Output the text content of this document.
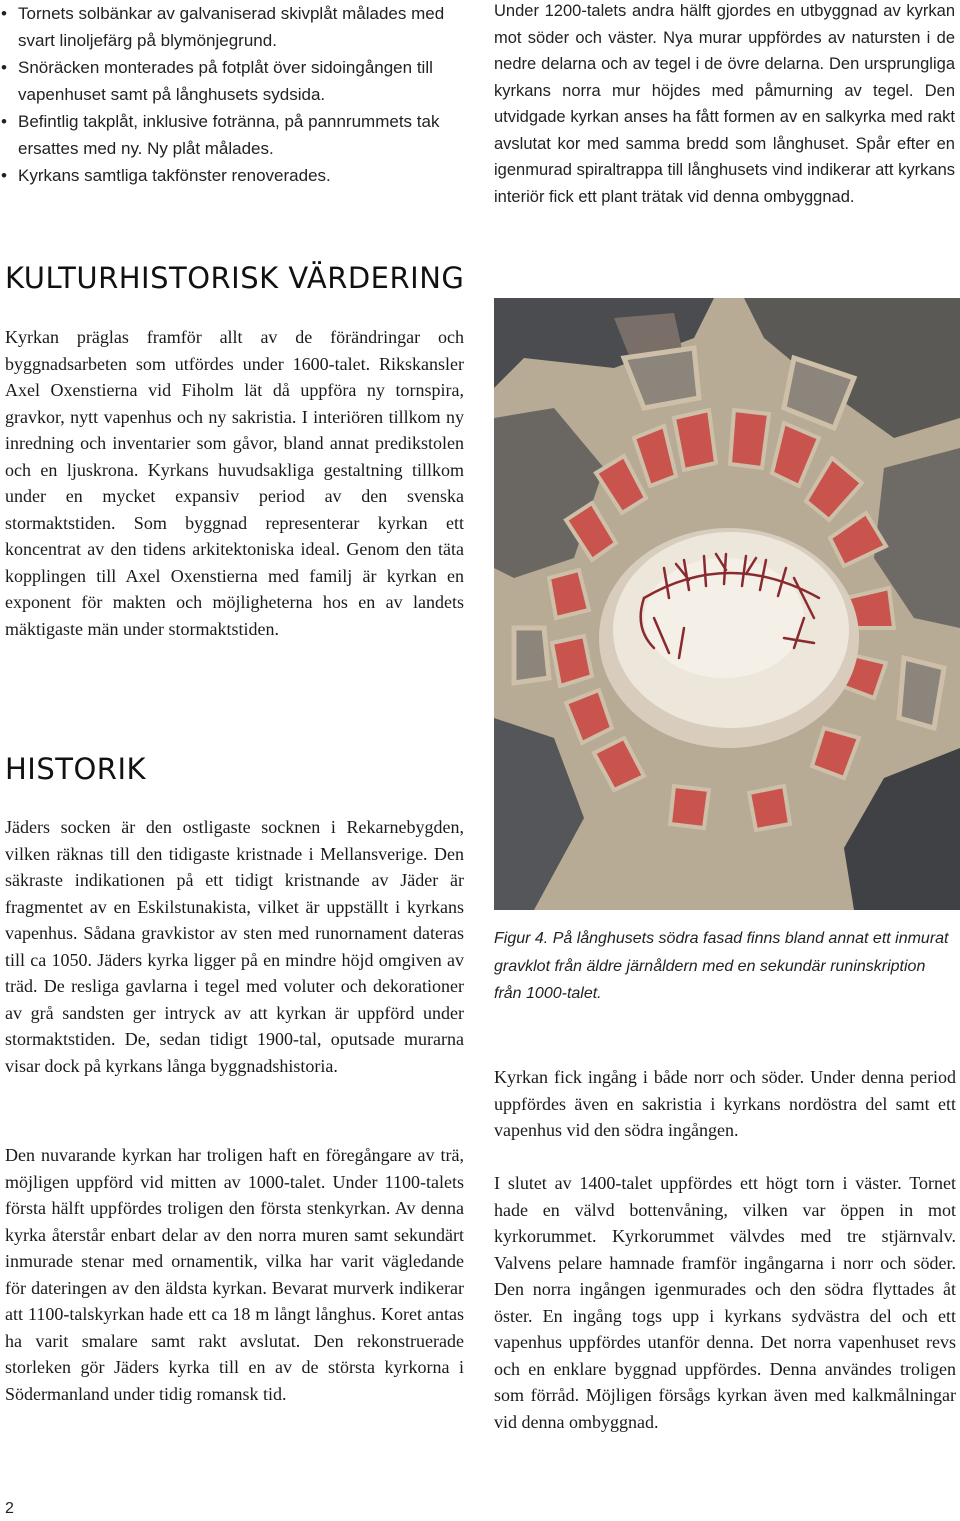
• Tornets solbänkar av galvaniserad skivplåt målades med svart linoljefärg på blymönjegrund.
• Snöräcken monterades på fotplåt över sidoingången till vapenhuset samt på långhusets sydsida.
• Befintlig takplåt, inklusive fotränna, på pannrummets tak ersattes med ny. Ny plåt målades.
• Kyrkans samtliga takfönster renoverades.
KULTURHISTORISK VÄRDERING

Kyrkan präglas framför allt av de förändringar och byggnadsarbeten som utfördes under 1600-talet. Rikskansler Axel Oxenstierna vid Fiholm lät då uppföra ny tornspira, gravkor, nytt vapenhus och ny sakristia. I interiören tillkom ny inredning och inventarier som gåvor, bland annat predikstolen och en ljuskrona. Kyrkans huvudsakliga gestaltning tillkom under en mycket expansiv period av den svenska stormaktstiden. Som byggnad representerar kyrkan ett koncentrat av den tidens arkitektoniska ideal. Genom den täta kopplingen till Axel Oxenstierna med familj är kyrkan en exponent för makten och möjligheterna hos en av landets mäktigaste män under stormaktstiden.

HISTORIK

Jäders socken är den ostligaste socknen i Rekarnebygden, vilken räknas till den tidigaste kristnade i Mellansverige. Den säkraste indikationen på ett tidigt kristnande av Jäder är fragmentet av en Eskilstunakista, vilket är uppställt i kyrkans vapenhus. Sådana gravkistor av sten med runornament dateras till ca 1050. Jäders kyrka ligger på en mindre höjd omgiven av träd. De resliga gavlarna i tegel med voluter och dekorationer av grå sandsten ger intryck av att kyrkan är uppförd under stormaktstiden. De, sedan tidigt 1900-tal, oputsade murarna visar dock på kyrkans långa byggnadshistoria.

Den nuvarande kyrkan har troligen haft en föregångare av trä, möjligen uppförd vid mitten av 1000-talet. Under 1100-talets första hälft uppfördes troligen den första stenkyrkan. Av denna kyrka återstår enbart delar av den norra muren samt sekundärt inmurade stenar med ornamentik, vilka har varit vägledande för dateringen av den äldsta kyrkan. Bevarat murverk indikerar att 1100-talskyrkan hade ett ca 18 m långt långhus. Koret antas ha varit smalare samt rakt avslutat. Den rekonstruerade storleken gör Jäders kyrka till en av de största kyrkorna i Södermanland under tidig romansk tid.

Under 1200-talets andra hälft gjordes en utbyggnad av kyrkan mot söder och väster. Nya murar uppfördes av natursten i de nedre delarna och av tegel i de övre delarna. Den ursprungliga kyrkans norra mur höjdes med påmurning av tegel. Den utvidgade kyrkan anses ha fått formen av en salkyrka med rakt avslutat kor med samma bredd som långhuset. Spår efter en igenmurad spiraltrappa till långhusets vind indikerar att kyrkans interiör fick ett plant trätak vid denna ombyggnad.

Figur 4. På långhusets södra fasad finns bland annat ett inmurat gravklot från äldre järnåldern med en sekundär runinskription från 1000-talet.

Kyrkan fick ingång i både norr och söder. Under denna period uppfördes även en sakristia i kyrkans nordöstra del samt ett vapenhus vid den södra ingången.

I slutet av 1400-talet uppfördes ett högt torn i väster. Tornet hade en välvd bottenvåning, vilken var öppen in mot kyrkorummet. Kyrkorummet välvdes med tre stjärnvalv. Valvens pelare hamnade framför ingångarna i norr och söder. Den norra ingången igenmurades och den södra flyttades åt öster. En ingång togs upp i kyrkans sydvästra del och ett vapenhus uppfördes utanför denna. Det norra vapenhuset revs och en enklare byggnad uppfördes. Denna användes troligen som förråd. Möjligen försågs kyrkan även med kalkmålningar vid denna ombyggnad.

2
